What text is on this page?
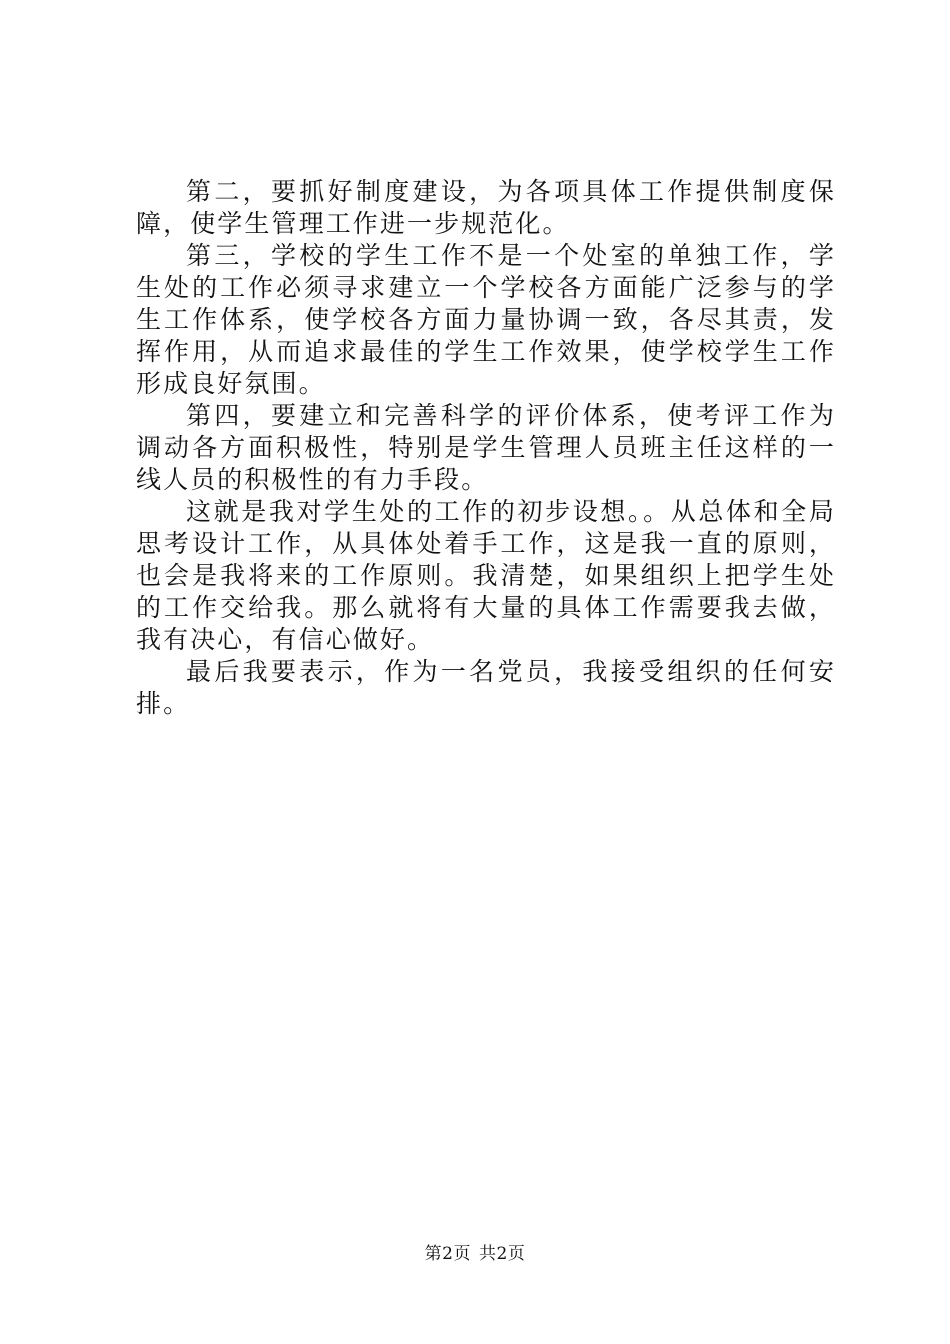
第二，要抓好制度建设，为各项具体工作提供制度保障，使学生管理工作进一步规范化。

第三，学校的学生工作不是一个处室的单独工作，学生处的工作必须寻求建立一个学校各方面能广泛参与的学生工作体系，使学校各方面力量协调一致，各尽其责，发挥作用，从而追求最佳的学生工作效果，使学校学生工作形成良好氛围。

第四，要建立和完善科学的评价体系，使考评工作为调动各方面积极性，特别是学生管理人员班主任这样的一线人员的积极性的有力手段。

这就是我对学生处的工作的初步设想。。从总体和全局思考设计工作，从具体处着手工作，这是我一直的原则，也会是我将来的工作原则。我清楚，如果组织上把学生处的工作交给我。那么就将有大量的具体工作需要我去做，我有决心，有信心做好。

最后我要表示，作为一名党员，我接受组织的任何安排。

第2页 共2页
